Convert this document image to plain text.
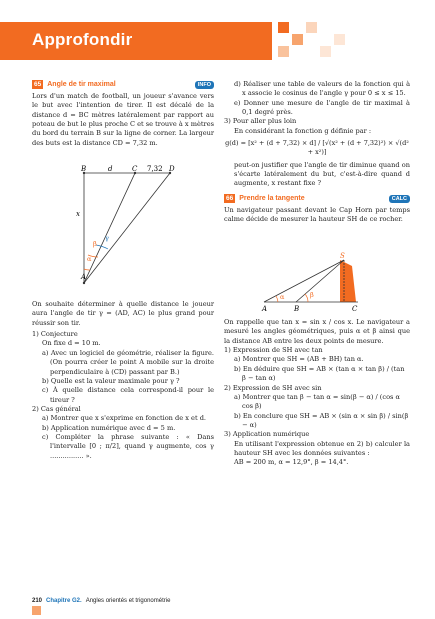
Approfondir
65 Angle de tir maximal	INFO

Lors d'un match de football, un joueur s'avance vers le but avec l'intention de tirer. Il est décalé de la distance d = BC mètres latéralement par rapport au poteau de but le plus proche C et se trouve à x mètres du bord du terrain B sur la ligne de corner. La largeur des buts est la distance CD = 7,32 m.

B	C	D
d	7,32
x
A
β
γ
α

On souhaite déterminer à quelle distance le joueur aura l'angle de tir γ = (AD, AC) le plus grand pour réussir son tir.

1) Conjecture

On fixe d = 10 m.

a) Avec un logiciel de géométrie, réaliser la figure. (On pourra créer le point A mobile sur la droite perpendiculaire à (CD) passant par B.)

b) Quelle est la valeur maximale pour γ ?

c) À quelle distance cela correspond-il pour le tireur ?

2) Cas général

a) Montrer que x s'exprime en fonction de x et d.

b) Application numérique avec d = 5 m.

c) Compléter la phrase suivante : « Dans l'intervalle [0 ; π/2], quand γ augmente, cos γ ................ ».

d) Réaliser une table de valeurs de la fonction qui à x associe le cosinus de l'angle γ pour 0 ≤ x ≤ 15.

e) Donner une mesure de l'angle de tir maximal à 0,1 degré près.

3) Pour aller plus loin

En considérant la fonction g définie par :

g(d) = [x² + (d + 7,32) × d] / [√(x² + (d + 7,32)²) × √(d² + x²)]

peut-on justifier que l'angle de tir diminue quand on s'écarte latéralement du but, c'est-à-dire quand d augmente, x restant fixe ?

66 Prendre la tangente	CALC

Un navigateur passant devant le Cap Horn par temps calme décide de mesurer la hauteur SH de ce rocher.

S
A	B	C
α	β

On rappelle que tan x = sin x / cos x. Le navigateur a mesuré les angles géométriques, puis α et β ainsi que la distance AB entre les deux points de mesure.

1) Expression de SH avec tan

a) Montrer que SH = (AB + BH) tan α.

b) En déduire que SH = AB × (tan α × tan β) / (tan β − tan α)

2) Expression de SH avec sin

a) Montrer que tan β − tan α = sin(β − α) / (cos α cos β)

b) En conclure que SH = AB × (sin α × sin β) / sin(β − α)

3) Application numérique

En utilisant l'expression obtenue en 2) b) calculer la hauteur SH avec les données suivantes :

AB = 200 m, α = 12,9°, β = 14,4°.

210 Chapitre G2. Angles orientés et trigonométrie
